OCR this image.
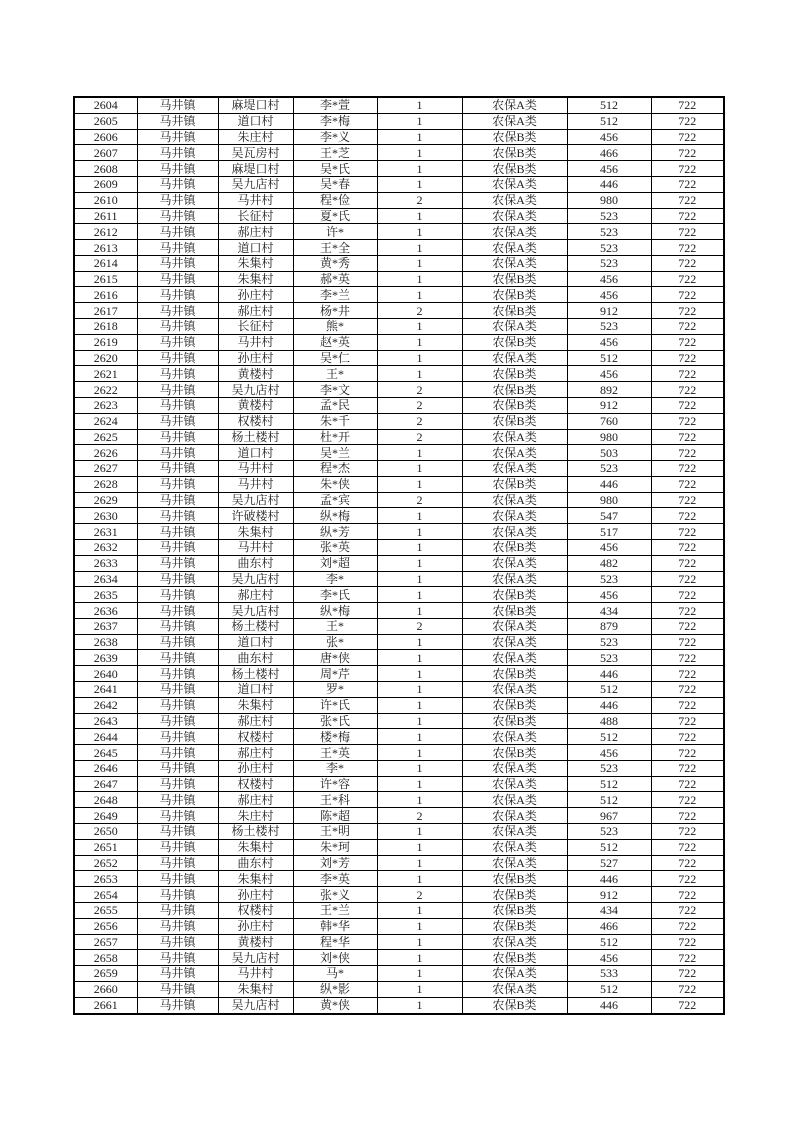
2604	马井镇	麻堤口村	李*萱	1	农保A类	512	722
2605	马井镇	道口村	李*梅	1	农保A类	512	722
2606	马井镇	朱庄村	李*义	1	农保B类	456	722
2607	马井镇	吴瓦房村	王*芝	1	农保B类	466	722
2608	马井镇	麻堤口村	吴*氏	1	农保B类	456	722
2609	马井镇	吴九店村	吴*春	1	农保A类	446	722
2610	马井镇	马井村	程*俭	2	农保A类	980	722
2611	马井镇	长征村	夏*氏	1	农保A类	523	722
2612	马井镇	郝庄村	许*	1	农保A类	523	722
2613	马井镇	道口村	王*全	1	农保A类	523	722
2614	马井镇	朱集村	黄*秀	1	农保A类	523	722
2615	马井镇	朱集村	郝*英	1	农保B类	456	722
2616	马井镇	孙庄村	李*兰	1	农保B类	456	722
2617	马井镇	郝庄村	杨*井	2	农保B类	912	722
2618	马井镇	长征村	熊*	1	农保A类	523	722
2619	马井镇	马井村	赵*英	1	农保B类	456	722
2620	马井镇	孙庄村	吴*仁	1	农保A类	512	722
2621	马井镇	黄楼村	王*	1	农保B类	456	722
2622	马井镇	吴九店村	李*文	2	农保B类	892	722
2623	马井镇	黄楼村	孟*民	2	农保B类	912	722
2624	马井镇	权楼村	朱*千	2	农保B类	760	722
2625	马井镇	杨土楼村	杜*开	2	农保A类	980	722
2626	马井镇	道口村	吴*兰	1	农保A类	503	722
2627	马井镇	马井村	程*杰	1	农保A类	523	722
2628	马井镇	马井村	朱*侠	1	农保B类	446	722
2629	马井镇	吴九店村	孟*宾	2	农保A类	980	722
2630	马井镇	许破楼村	纵*梅	1	农保A类	547	722
2631	马井镇	朱集村	纵*芳	1	农保A类	517	722
2632	马井镇	马井村	张*英	1	农保B类	456	722
2633	马井镇	曲东村	刘*超	1	农保A类	482	722
2634	马井镇	吴九店村	李*	1	农保A类	523	722
2635	马井镇	郝庄村	李*氏	1	农保B类	456	722
2636	马井镇	吴九店村	纵*梅	1	农保B类	434	722
2637	马井镇	杨土楼村	王*	2	农保A类	879	722
2638	马井镇	道口村	张*	1	农保A类	523	722
2639	马井镇	曲东村	唐*侠	1	农保A类	523	722
2640	马井镇	杨土楼村	周*芹	1	农保B类	446	722
2641	马井镇	道口村	罗*	1	农保A类	512	722
2642	马井镇	朱集村	许*氏	1	农保B类	446	722
2643	马井镇	郝庄村	张*氏	1	农保B类	488	722
2644	马井镇	权楼村	楼*梅	1	农保A类	512	722
2645	马井镇	郝庄村	王*英	1	农保B类	456	722
2646	马井镇	孙庄村	李*	1	农保A类	523	722
2647	马井镇	权楼村	许*容	1	农保A类	512	722
2648	马井镇	郝庄村	王*科	1	农保A类	512	722
2649	马井镇	朱庄村	陈*超	2	农保A类	967	722
2650	马井镇	杨土楼村	王*明	1	农保A类	523	722
2651	马井镇	朱集村	朱*珂	1	农保A类	512	722
2652	马井镇	曲东村	刘*芳	1	农保A类	527	722
2653	马井镇	朱集村	李*英	1	农保B类	446	722
2654	马井镇	孙庄村	张*义	2	农保B类	912	722
2655	马井镇	权楼村	王*兰	1	农保B类	434	722
2656	马井镇	孙庄村	韩*华	1	农保B类	466	722
2657	马井镇	黄楼村	程*华	1	农保A类	512	722
2658	马井镇	吴九店村	刘*侠	1	农保B类	456	722
2659	马井镇	马井村	马*	1	农保A类	533	722
2660	马井镇	朱集村	纵*影	1	农保A类	512	722
2661	马井镇	吴九店村	黄*侠	1	农保B类	446	722
